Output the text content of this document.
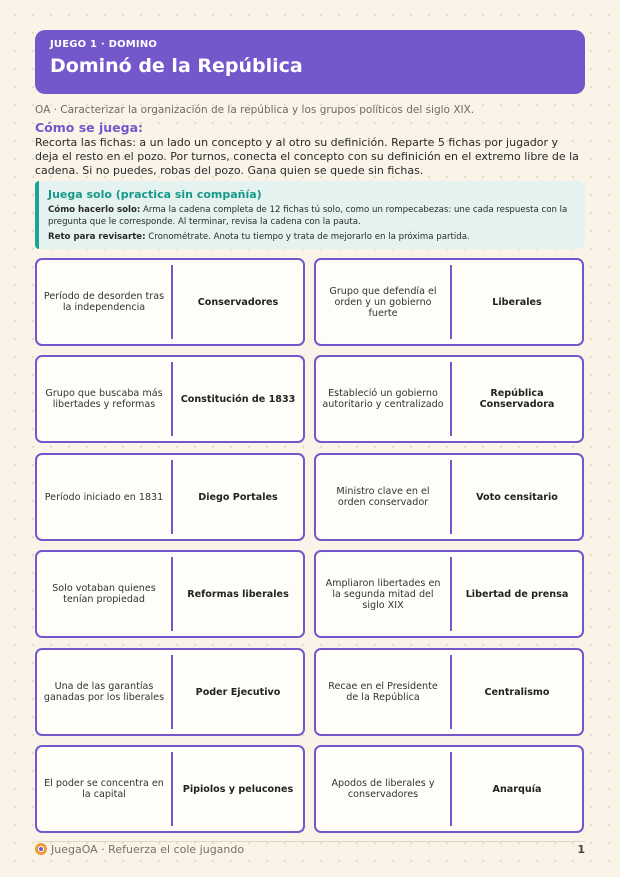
JUEGO 1 · DOMINO
Dominó de la República
OA · Caracterizar la organización de la república y los grupos políticos del siglo XIX.
Cómo se juega:
Recorta las fichas: a un lado un concepto y al otro su definición. Reparte 5 fichas por jugador y deja el resto en el pozo. Por turnos, conecta el concepto con su definición en el extremo libre de la cadena. Si no puedes, robas del pozo. Gana quien se quede sin fichas.
Juega solo (practica sin compañía)
Cómo hacerlo solo: Arma la cadena completa de 12 fichas tú solo, como un rompecabezas: une cada respuesta con la pregunta que le corresponde. Al terminar, revisa la cadena con la pauta.
Reto para revisarte: Cronométrate. Anota tu tiempo y trata de mejorarlo en la próxima partida.
Período de desorden tras la independencia	Conservadores
Grupo que defendía el orden y un gobierno fuerte
Liberales
Grupo que buscaba más libertades y reformas	Constitución de 1833	Estableció un gobierno autoritario y centralizado
República Conservadora
Período iniciado en 1831	Diego Portales	Ministro clave en el orden conservador	Voto censitario
Solo votaban quienes tenían propiedad	Reformas liberales
Ampliaron libertades en la segunda mitad del siglo XIX
Libertad de prensa
Una de las garantías ganadas por los liberales	Poder Ejecutivo	Recae en el Presidente de la República	Centralismo
El poder se concentra en la capital	Pipiolos y pelucones	Apodos de liberales y conservadores	Anarquía
JuegaOA · Refuerza el cole jugando	1
